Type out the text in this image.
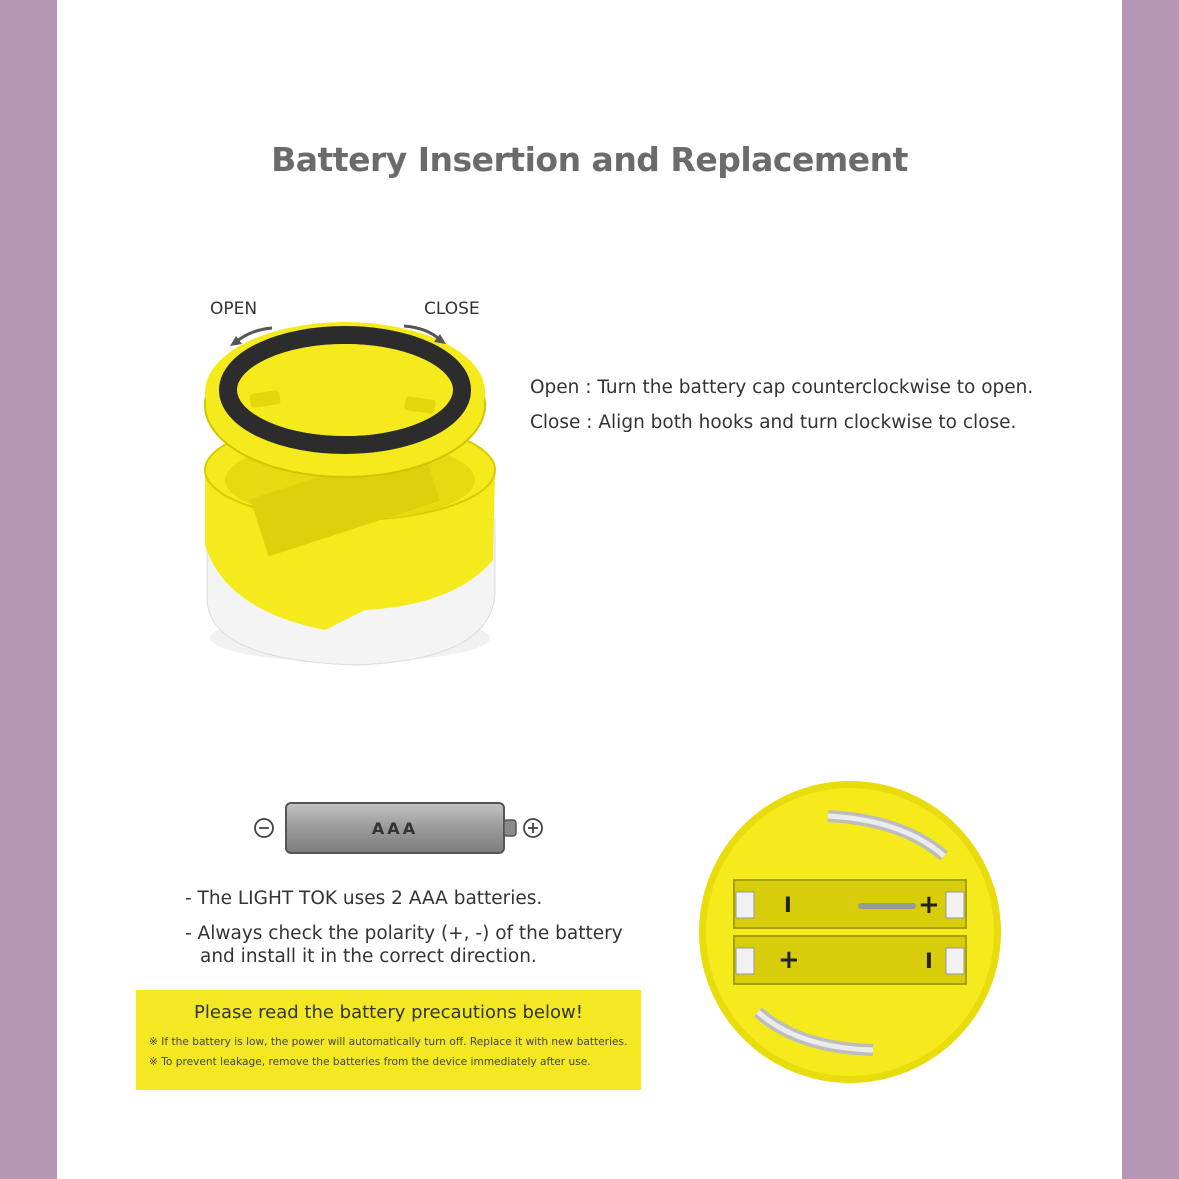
Battery Insertion and Replacement
OPEN	CLOSE
Open : Turn the battery cap counterclockwise to open.
Close : Align both hooks and turn clockwise to close.
AAA
- The LIGHT TOK uses 2 AAA batteries.
- Always check the polarity (+, -) of the battery
and install it in the correct direction.
Please read the battery precautions below!
※ If the battery is low, the power will automatically turn off. Replace it with new batteries.
※ To prevent leakage, remove the batteries from the device immediately after use.
I	+
+	I
